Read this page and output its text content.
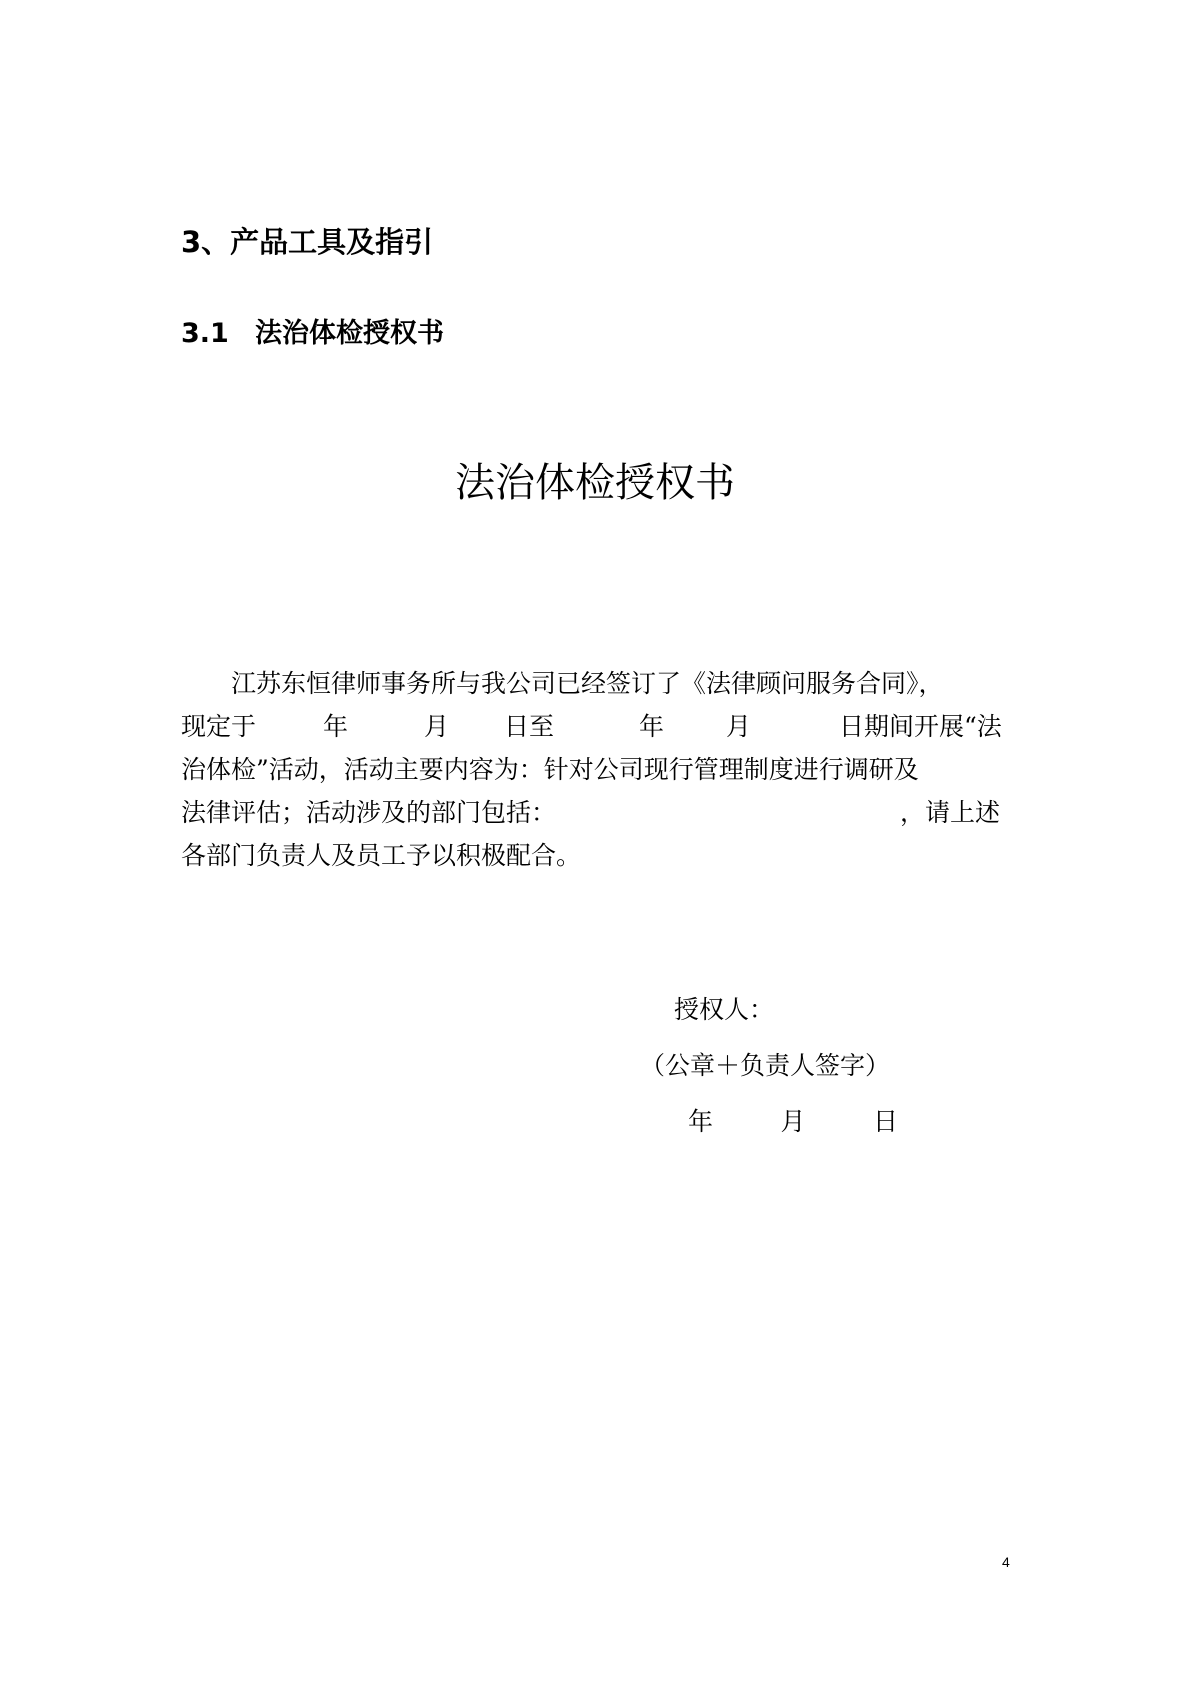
3、产品工具及指引
3.1 法治体检授权书
法治体检授权书
江苏东恒律师事务所与我公司已经签订了《法律顾问服务合同》，
现定于	年	月 日至	年 月	日期间开展“法
治体检”活动，活动主要内容为：针对公司现行管理制度进行调研及
法律评估；活动涉及的部门包括：	，请上述
各部门负责人及员工予以积极配合。
授权人：
（公章＋负责人签字）
年	月	日
4
